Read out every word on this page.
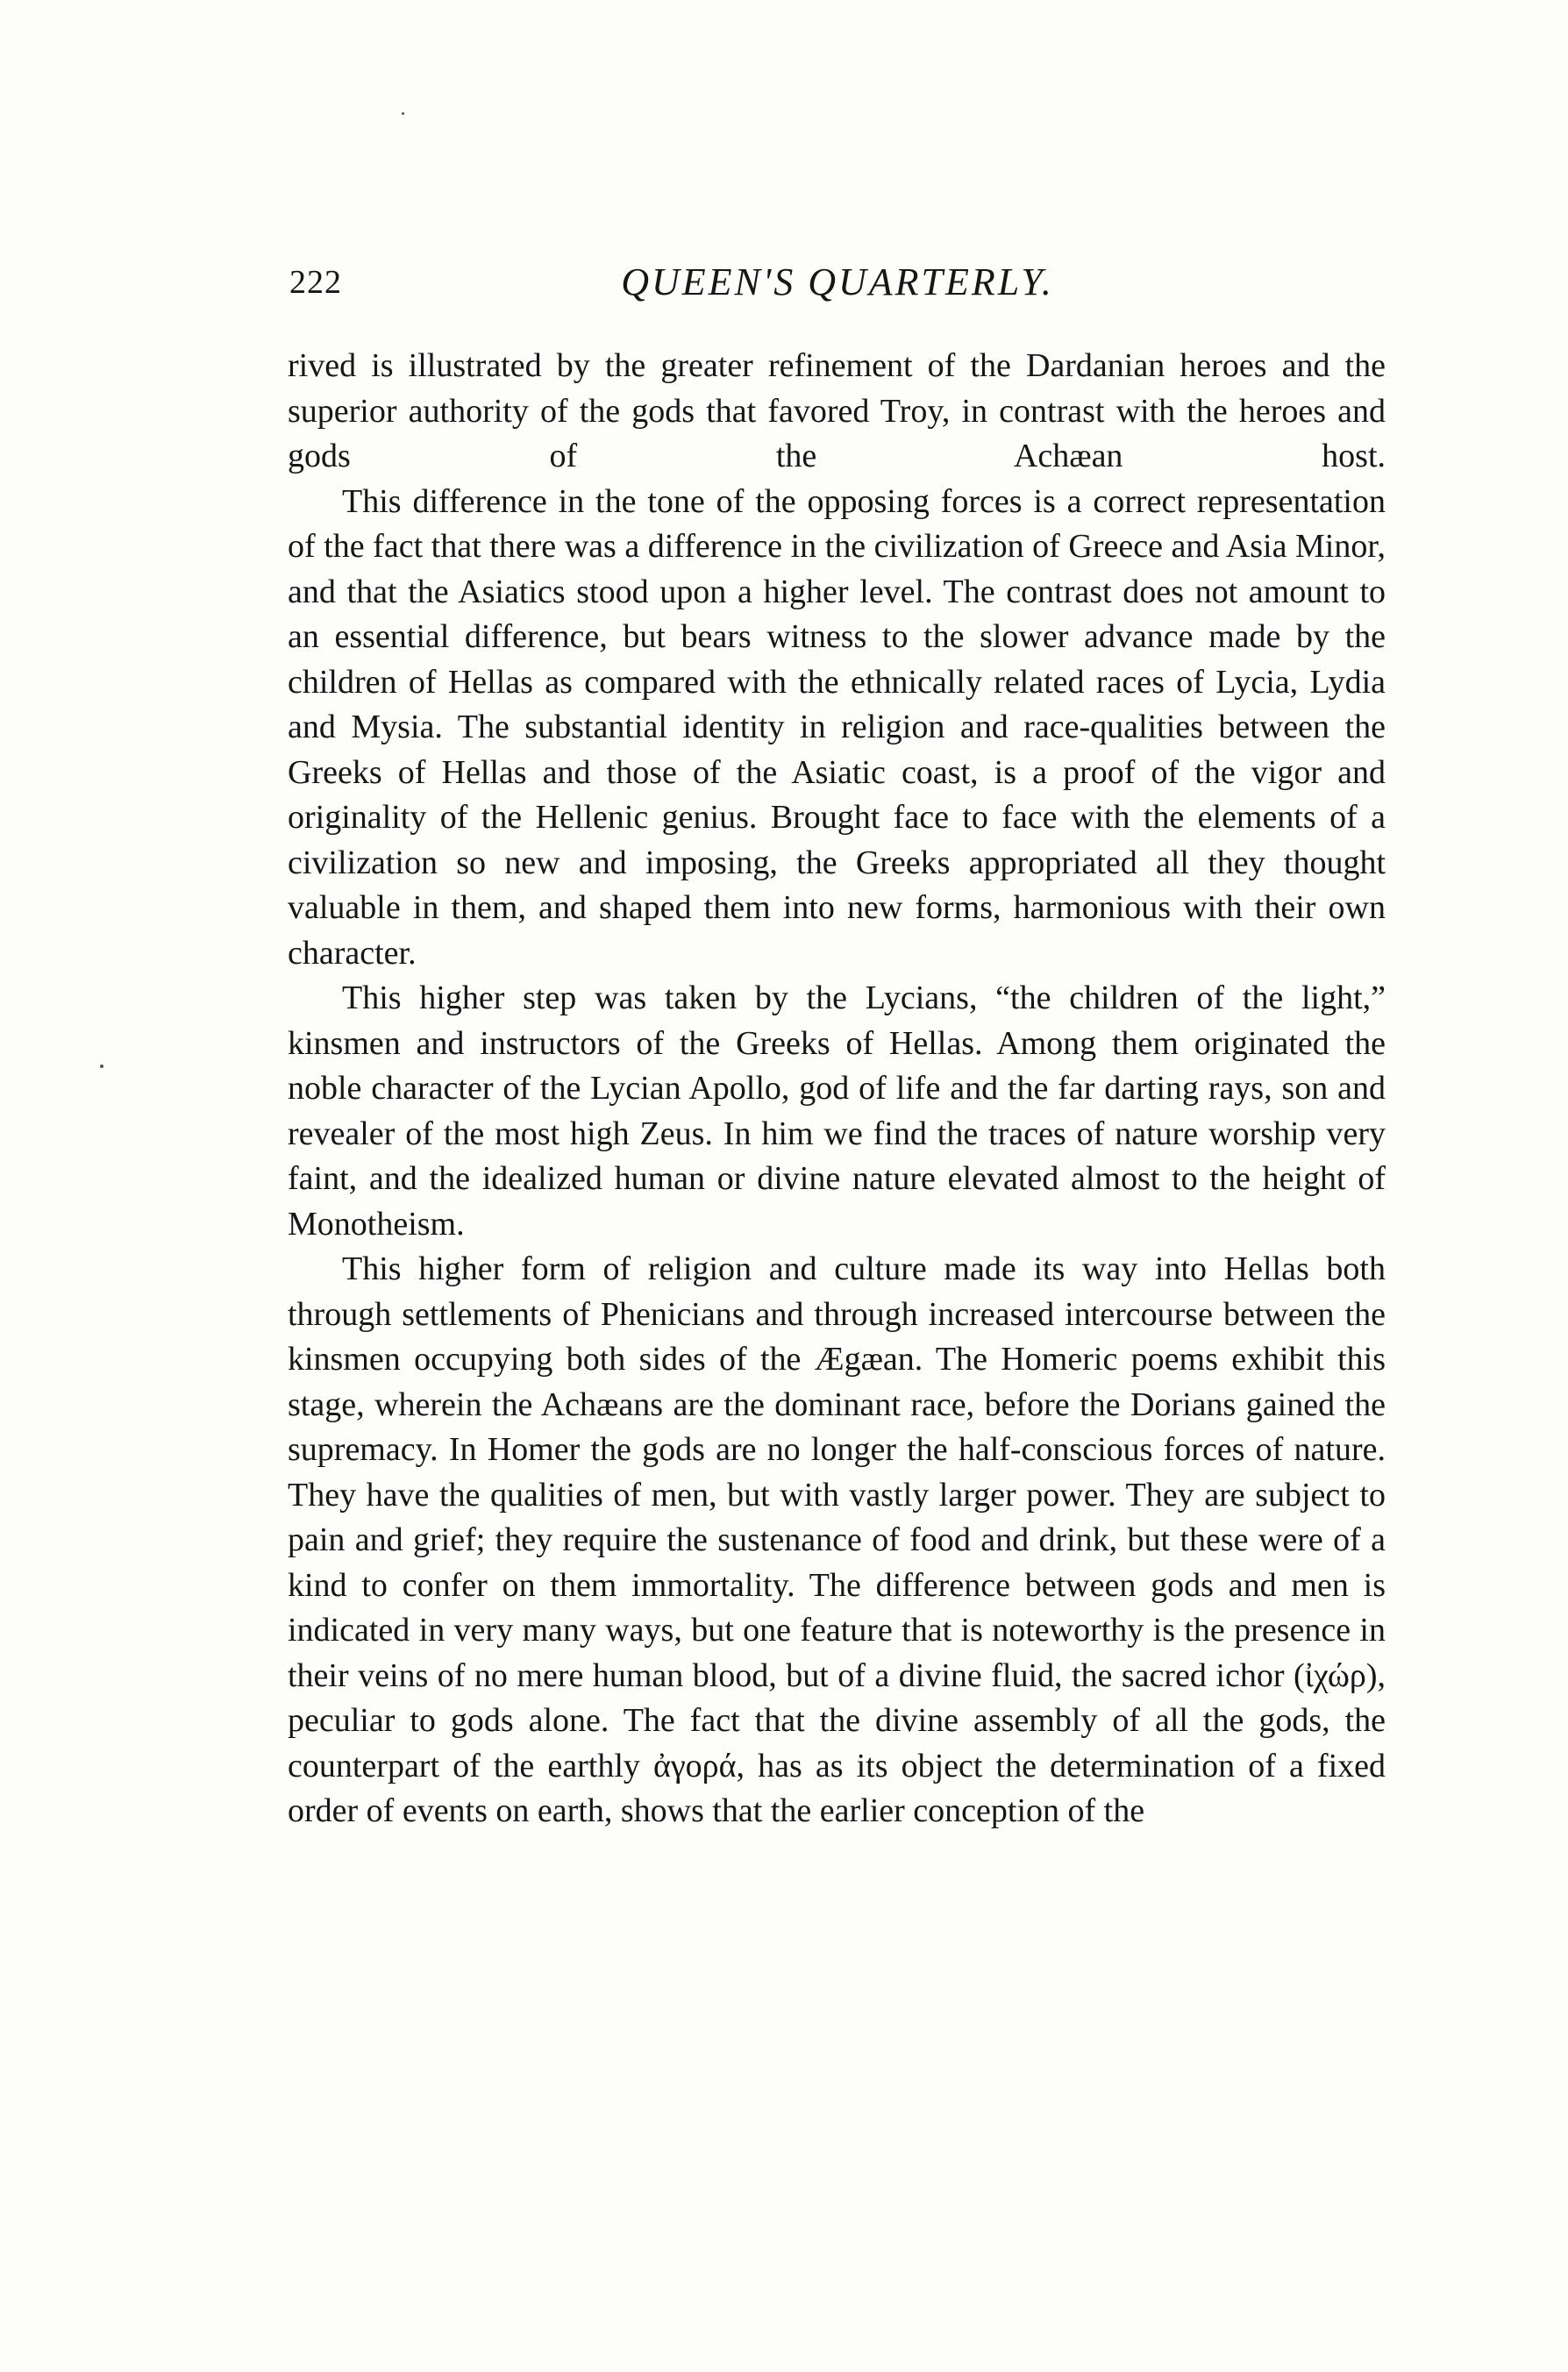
222	QUEEN'S QUARTERLY.

rived is illustrated by the greater refinement of the Dardanian heroes and the superior authority of the gods that favored Troy, in contrast with the heroes and gods of the Achæan host.

This difference in the tone of the opposing forces is a correct representation of the fact that there was a difference in the civilization of Greece and Asia Minor, and that the Asiatics stood upon a higher level. The contrast does not amount to an essential difference, but bears witness to the slower advance made by the children of Hellas as compared with the ethnically related races of Lycia, Lydia and Mysia. The substantial identity in religion and race-qualities between the Greeks of Hellas and those of the Asiatic coast, is a proof of the vigor and originality of the Hellenic genius. Brought face to face with the elements of a civilization so new and imposing, the Greeks appropriated all they thought valuable in them, and shaped them into new forms, harmonious with their own character.

This higher step was taken by the Lycians, “the children of the light,” kinsmen and instructors of the Greeks of Hellas. Among them originated the noble character of the Lycian Apollo, god of life and the far darting rays, son and revealer of the most high Zeus. In him we find the traces of nature worship very faint, and the idealized human or divine nature elevated almost to the height of Monotheism.

This higher form of religion and culture made its way into Hellas both through settlements of Phenicians and through increased intercourse between the kinsmen occupying both sides of the Ægæan. The Homeric poems exhibit this stage, wherein the Achæans are the dominant race, before the Dorians gained the supremacy. In Homer the gods are no longer the half-conscious forces of nature. They have the qualities of men, but with vastly larger power. They are subject to pain and grief; they require the sustenance of food and drink, but these were of a kind to confer on them immortality. The difference between gods and men is indicated in very many ways, but one feature that is noteworthy is the presence in their veins of no mere human blood, but of a divine fluid, the sacred ichor (ἰχώρ), peculiar to gods alone. The fact that the divine assembly of all the gods, the counterpart of the earthly ἀγορά, has as its object the determination of a fixed order of events on earth, shows that the earlier conception of the
